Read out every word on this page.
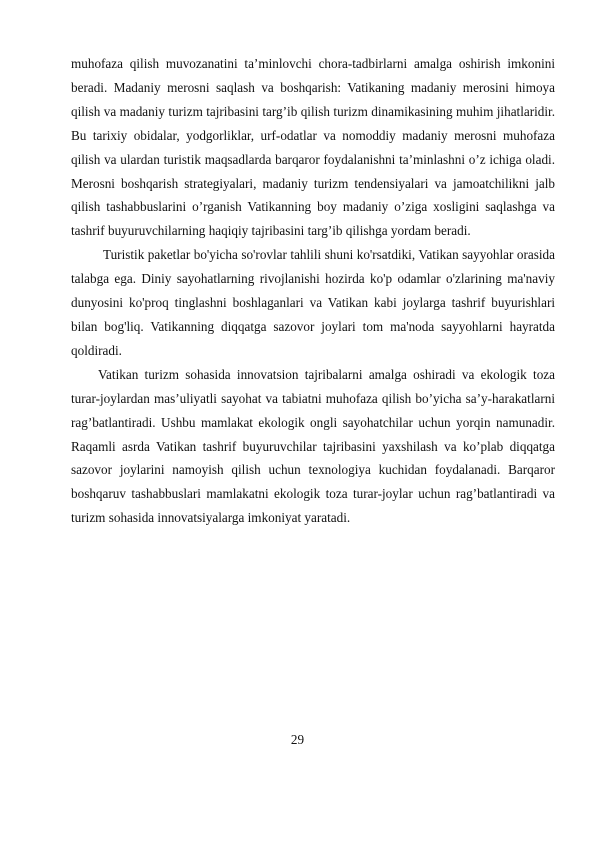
muhofaza qilish muvozanatini ta’minlovchi chora-tadbirlarni amalga oshirish imkonini beradi. Madaniy merosni saqlash va boshqarish: Vatikaning madaniy merosini himoya qilish va madaniy turizm tajribasini targ’ib qilish turizm dinamikasining muhim jihatlaridir. Bu tarixiy obidalar, yodgorliklar, urf-odatlar va nomoddiy madaniy merosni muhofaza qilish va ulardan turistik maqsadlarda barqaror foydalanishni ta’minlashni o’z ichiga oladi. Merosni boshqarish strategiyalari, madaniy turizm tendensiyalari va jamoatchilikni jalb qilish tashabbuslarini o’rganish Vatikanning boy madaniy o’ziga xosligini saqlashga va tashrif buyuruvchilarning haqiqiy tajribasini targ’ib qilishga yordam beradi.

Turistik paketlar bo'yicha so'rovlar tahlili shuni ko'rsatdiki, Vatikan sayyohlar orasida talabga ega. Diniy sayohatlarning rivojlanishi hozirda ko'p odamlar o'zlarining ma'naviy dunyosini ko'proq tinglashni boshlaganlari va Vatikan kabi joylarga tashrif buyurishlari bilan bog'liq. Vatikanning diqqatga sazovor joylari tom ma'noda sayyohlarni hayratda qoldiradi.

Vatikan turizm sohasida innovatsion tajribalarni amalga oshiradi va ekologik toza turar-joylardan mas’uliyatli sayohat va tabiatni muhofaza qilish bo’yicha sa’y-harakatlarni rag’batlantiradi. Ushbu mamlakat ekologik ongli sayohatchilar uchun yorqin namunadir. Raqamli asrda Vatikan tashrif buyuruvchilar tajribasini yaxshilash va ko’plab diqqatga sazovor joylarini namoyish qilish uchun texnologiya kuchidan foydalanadi. Barqaror boshqaruv tashabbuslari mamlakatni ekologik toza turar-joylar uchun rag’batlantiradi va turizm sohasida innovatsiyalarga imkoniyat yaratadi.

29
